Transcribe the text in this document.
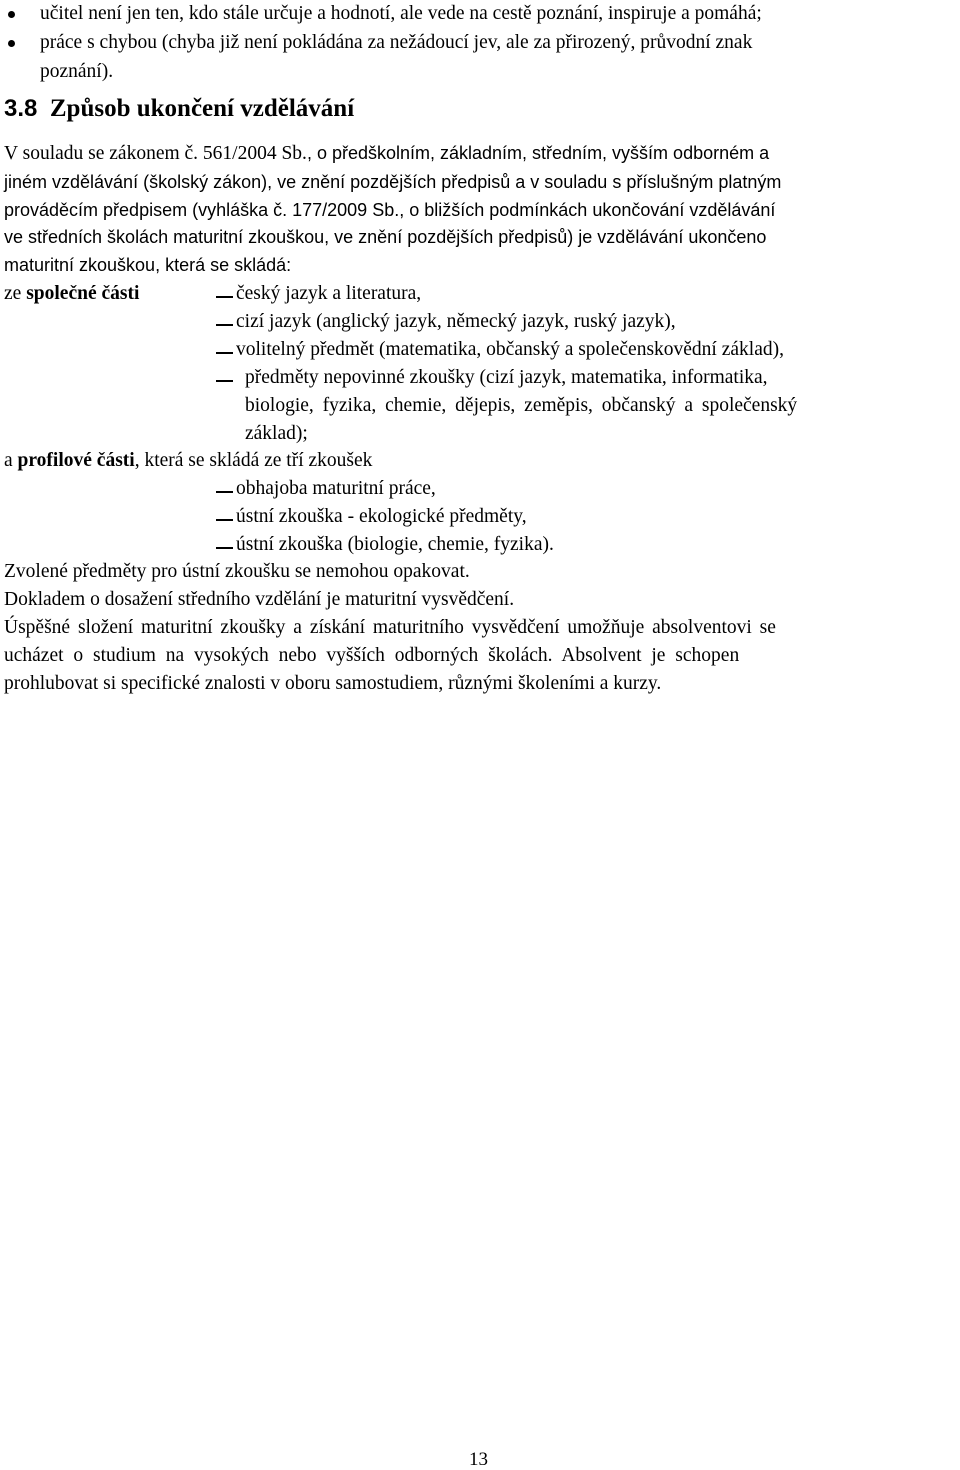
učitel není jen ten, kdo stále určuje a hodnotí, ale vede na cestě poznání, inspiruje a pomáhá;
práce s chybou (chyba již není pokládána za nežádoucí jev, ale za přirozený, průvodní znak
poznání).
3.8 Způsob ukončení vzdělávání
V souladu se zákonem č. 561/2004 Sb., o předškolním, základním, středním, vyšším odborném a
jiném vzdělávání (školský zákon), ve znění pozdějších předpisů a v souladu s příslušným platným
prováděcím předpisem (vyhláška č. 177/2009 Sb., o bližších podmínkách ukončování vzdělávání
ve středních školách maturitní zkouškou, ve znění pozdějších předpisů) je vzdělávání ukončeno
maturitní zkouškou, která se skládá:
ze společné části	český jazyk a literatura,
cizí jazyk (anglický jazyk, německý jazyk, ruský jazyk),
volitelný předmět (matematika, občanský a společenskovědní základ),
předměty nepovinné zkoušky (cizí jazyk, matematika, informatika,
biologie, fyzika, chemie, dějepis, zeměpis, občanský a společenský
základ);
a profilové části, která se skládá ze tří zkoušek
obhajoba maturitní práce,
ústní zkouška - ekologické předměty,
ústní zkouška (biologie, chemie, fyzika).
Zvolené předměty pro ústní zkoušku se nemohou opakovat.
Dokladem o dosažení středního vzdělání je maturitní vysvědčení.
Úspěšné složení maturitní zkoušky a získání maturitního vysvědčení umožňuje absolventovi se
ucházet o studium na vysokých nebo vyšších odborných školách. Absolvent je schopen
prohlubovat si specifické znalosti v oboru samostudiem, různými školeními a kurzy.
13
